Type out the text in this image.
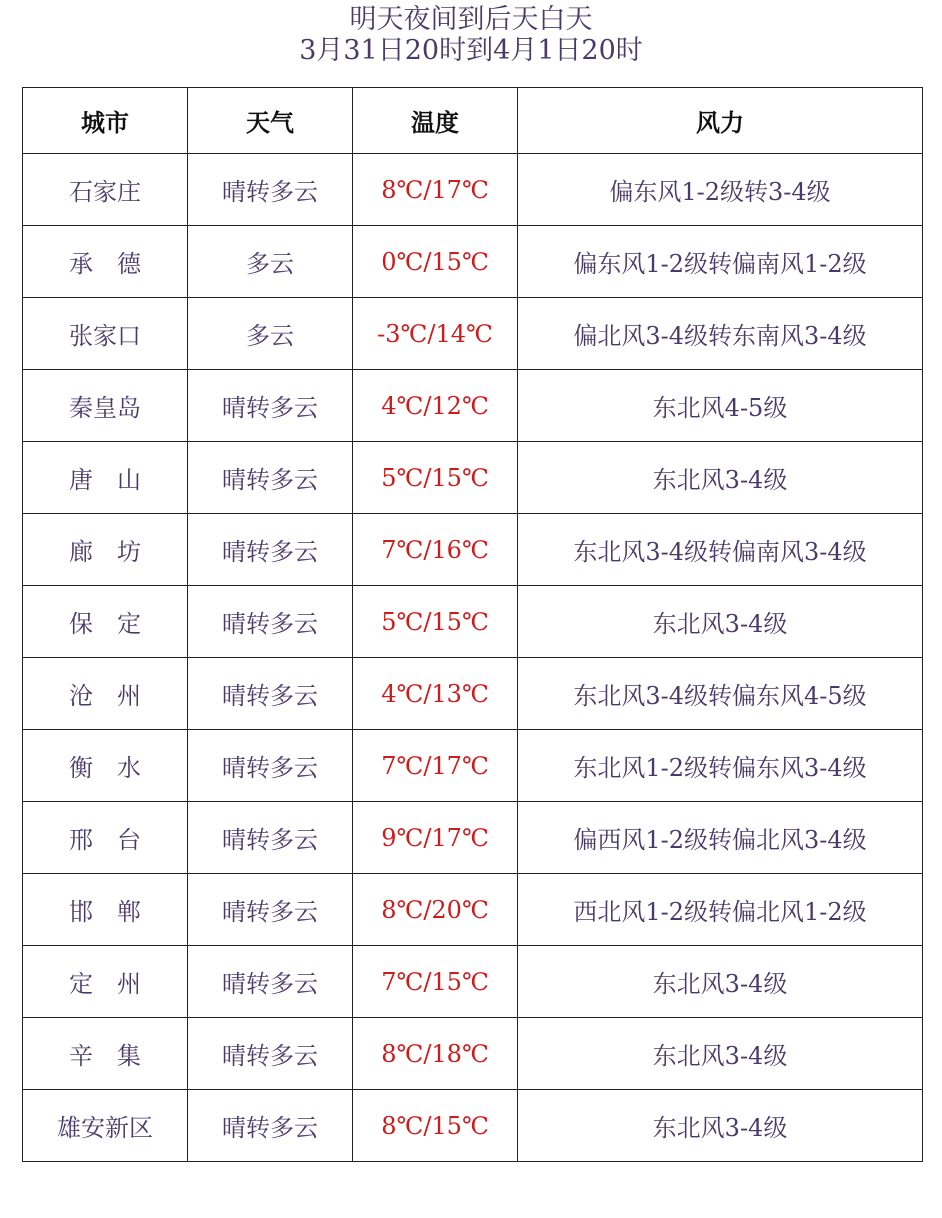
明天夜间到后天白天
3月31日20时到4月1日20时
城市	天气	温度	风力
石家庄	晴转多云	8℃/17℃	偏东风1-2级转3-4级
承　德	多云	0℃/15℃	偏东风1-2级转偏南风1-2级
张家口	多云	-3℃/14℃	偏北风3-4级转东南风3-4级
秦皇岛	晴转多云	4℃/12℃	东北风4-5级
唐　山	晴转多云	5℃/15℃	东北风3-4级
廊　坊	晴转多云	7℃/16℃	东北风3-4级转偏南风3-4级
保　定	晴转多云	5℃/15℃	东北风3-4级
沧　州	晴转多云	4℃/13℃	东北风3-4级转偏东风4-5级
衡　水	晴转多云	7℃/17℃	东北风1-2级转偏东风3-4级
邢　台	晴转多云	9℃/17℃	偏西风1-2级转偏北风3-4级
邯　郸	晴转多云	8℃/20℃	西北风1-2级转偏北风1-2级
定　州	晴转多云	7℃/15℃	东北风3-4级
辛　集	晴转多云	8℃/18℃	东北风3-4级
雄安新区	晴转多云	8℃/15℃	东北风3-4级
